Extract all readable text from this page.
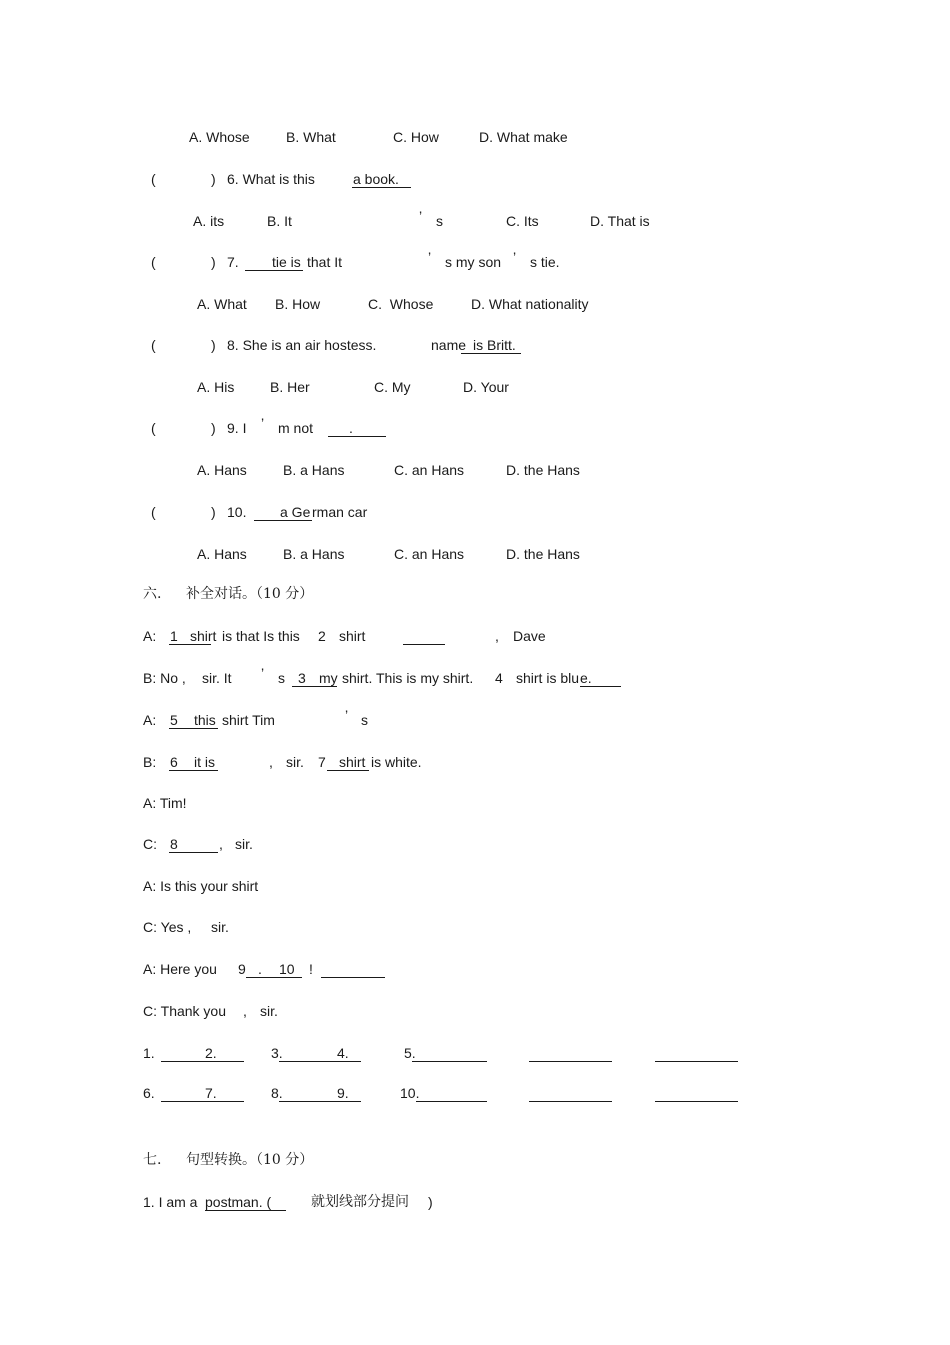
A. Whose	B. What	C. How	D. What make
(	) 6. What is this	a book.
A. its	B. It	’ s	C. Its	D. That is
(	) 7. tie is that It	’ s my son ’ s tie.
A. What B. How	C.  Whose	D. What nationality
(	) 8. She is an air hostess.	name is Britt.
A. His	B. Her	C. My	D. Your
(	) 9. I ’ m not	.
A. Hans	B. a Hans	C. an Hans	D. the Hans
(	) 10. a Ge rman car
A. Hans	B. a Hans	C. an Hans	D. the Hans
六. 补全对话。（10 分）
A: 1 shirt is that Is this 2 shirt	, Dave
B: No , sir. It ’ s 3 my shirt. This is my shirt. 4 shirt is blu e.
A: 5 this shirt Tim	’ s
B: 6 it is	, sir. 7 shirt is white.
A: Tim!
C: 8	, sir.
A: Is this your shirt
C: Yes , sir.
A: Here you 9 . 10 !
C: Thank you , sir.
1.	2.	3.	4.	5.
6.	7.	8.	9.	10.
七. 句型转换。（10 分）
1. I am a postman. (	就划线部分提问 )
